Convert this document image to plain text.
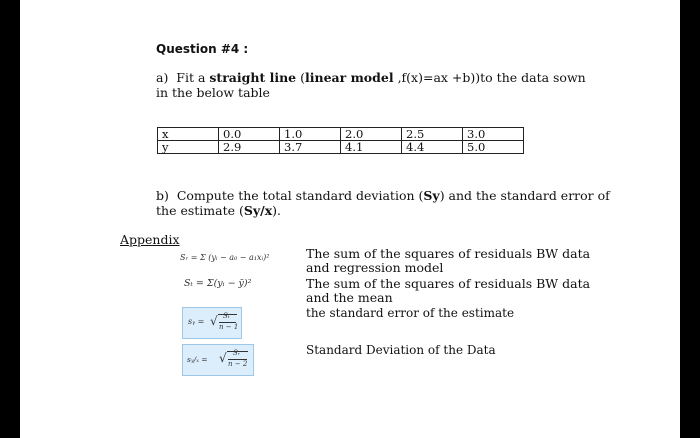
Question #4 :
a) Fit a straight line (linear model ,f(x)=ax +b))to the data sown in the below table
x	0.0	1.0	2.0	2.5	3.0
y	2.9	3.7	4.1	4.4	5.0
b) Compute the total standard deviation (Sy) and the standard error of the estimate (Sy/x).
Appendix
Sᵣ = Σ (yᵢ − a₀ − a₁xᵢ)²
Sₜ = Σ(yᵢ − ȳ)²
sᵧ = √ Sₜ
n − 1
sᵧ/ₓ = √ Sᵣ
n − 2
The sum of the squares of residuals BW data and regression model
The sum of the squares of residuals BW data and the mean
the standard error of the estimate
Standard Deviation of the Data
